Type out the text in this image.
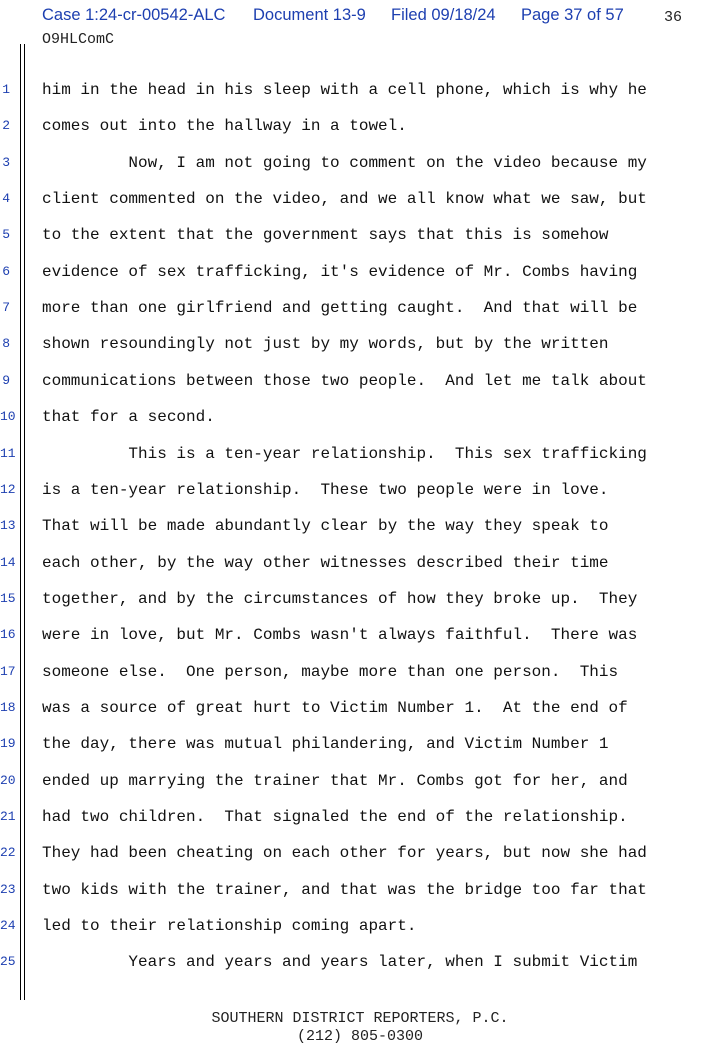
Case 1:24-cr-00542-ALC Document 13-9 Filed 09/18/24 Page 37 of 57	36
O9HLComC
1
2
3
4
5
6
7
8
9
10
11
12
13
14
15
16
17
18
19
20
21
22
23
24
25
him in the head in his sleep with a cell phone, which is why he
comes out into the hallway in a towel.
Now, I am not going to comment on the video because my
client commented on the video, and we all know what we saw, but
to the extent that the government says that this is somehow
evidence of sex trafficking, it's evidence of Mr. Combs having
more than one girlfriend and getting caught.  And that will be
shown resoundingly not just by my words, but by the written
communications between those two people.  And let me talk about
that for a second.
This is a ten-year relationship.  This sex trafficking
is a ten-year relationship.  These two people were in love.
That will be made abundantly clear by the way they speak to
each other, by the way other witnesses described their time
together, and by the circumstances of how they broke up.  They
were in love, but Mr. Combs wasn't always faithful.  There was
someone else.  One person, maybe more than one person.  This
was a source of great hurt to Victim Number 1.  At the end of
the day, there was mutual philandering, and Victim Number 1
ended up marrying the trainer that Mr. Combs got for her, and
had two children.  That signaled the end of the relationship.
They had been cheating on each other for years, but now she had
two kids with the trainer, and that was the bridge too far that
led to their relationship coming apart.
Years and years and years later, when I submit Victim
SOUTHERN DISTRICT REPORTERS, P.C.
(212) 805-0300
